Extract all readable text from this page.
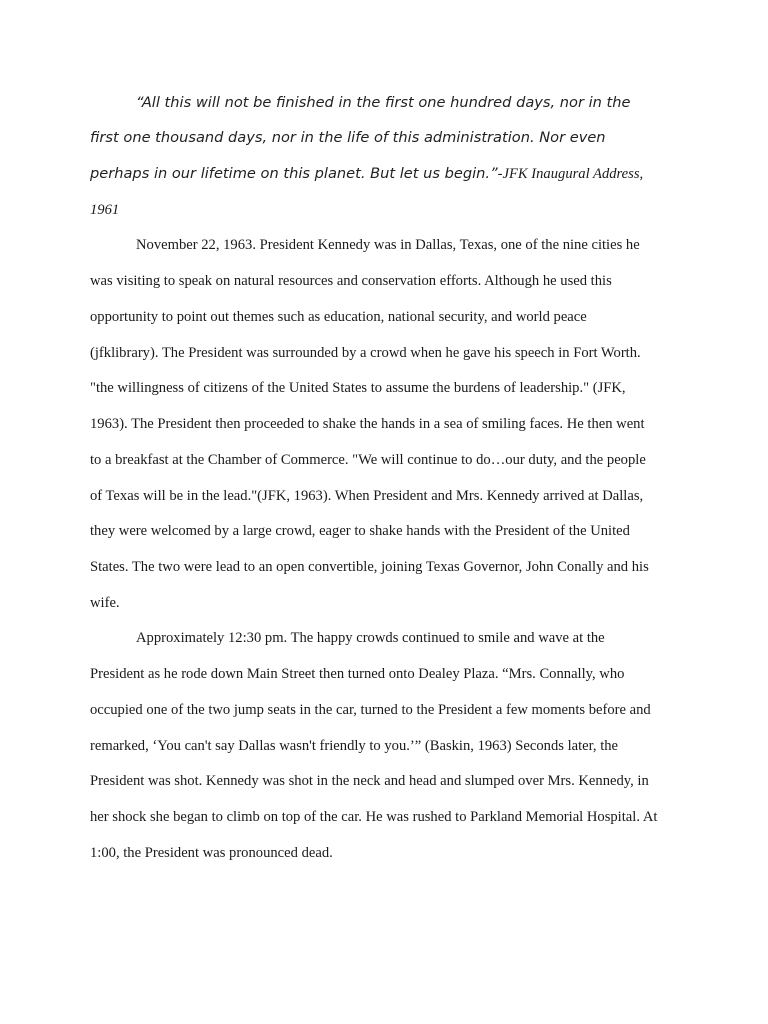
“All this will not be finished in the first one hundred days, nor in the
first one thousand days, nor in the life of this administration. Nor even
perhaps in our lifetime on this planet. But let us begin.”-JFK Inaugural Address,
1961
November 22, 1963. President Kennedy was in Dallas, Texas, one of the nine cities he
was visiting to speak on natural resources and conservation efforts. Although he used this
opportunity to point out themes such as education, national security, and world peace
(jfklibrary). The President was surrounded by a crowd when he gave his speech in Fort Worth.
"the willingness of citizens of the United States to assume the burdens of leadership." (JFK,
1963). The President then proceeded to shake the hands in a sea of smiling faces. He then went
to a breakfast at the Chamber of Commerce. "We will continue to do…our duty, and the people
of Texas will be in the lead."(JFK, 1963). When President and Mrs. Kennedy arrived at Dallas,
they were welcomed by a large crowd, eager to shake hands with the President of the United
States. The two were lead to an open convertible, joining Texas Governor, John Conally and his
wife.
Approximately 12:30 pm. The happy crowds continued to smile and wave at the
President as he rode down Main Street then turned onto Dealey Plaza. “Mrs. Connally, who
occupied one of the two jump seats in the car, turned to the President a few moments before and
remarked, ‘You can't say Dallas wasn't friendly to you.’” (Baskin, 1963) Seconds later, the
President was shot. Kennedy was shot in the neck and head and slumped over Mrs. Kennedy, in
her shock she began to climb on top of the car. He was rushed to Parkland Memorial Hospital. At
1:00, the President was pronounced dead.
